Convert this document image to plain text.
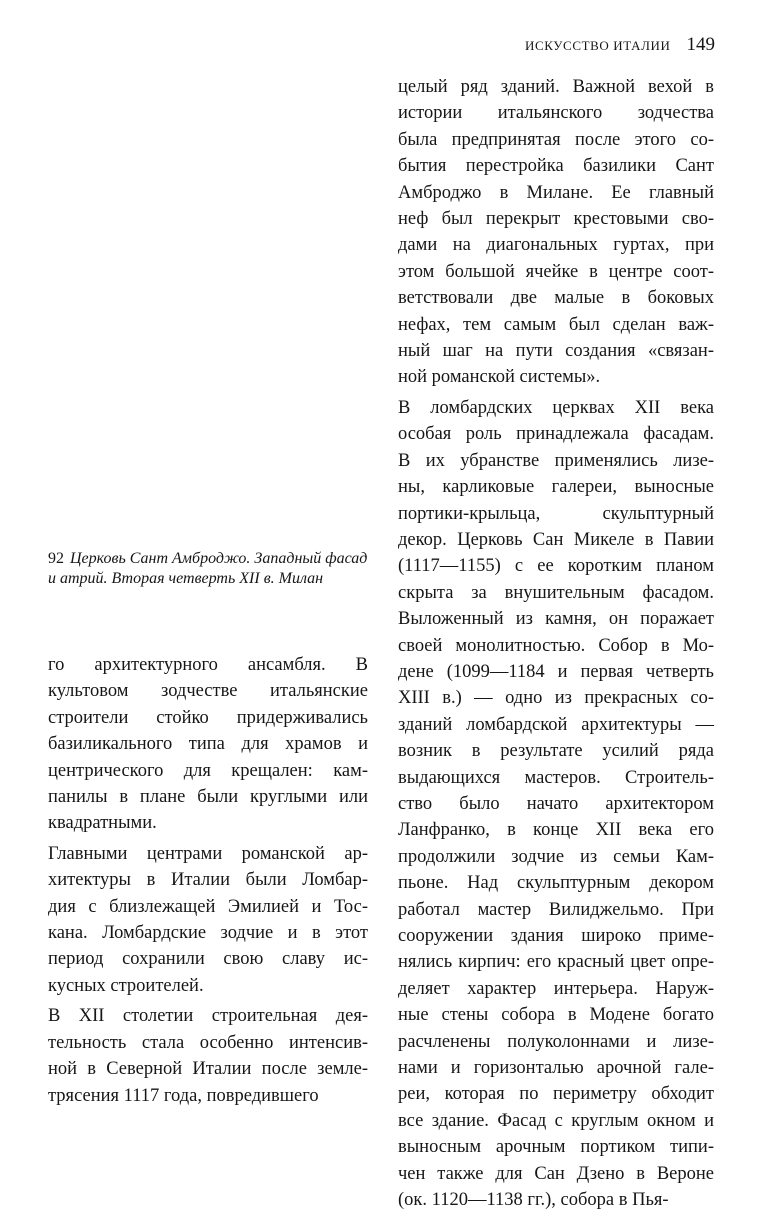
ИСКУССТВО ИТАЛИИ 149

целый ряд зданий. Важной вехой в
истории итальянского зодчества
была предпринятая после этого со-
бытия перестройка базилики Сант
Амброджо в Милане. Ее главный
неф был перекрыт крестовыми сво-
дами на диагональных гуртах, при
этом большой ячейке в центре соот-
ветствовали две малые в боковых
нефах, тем самым был сделан важ-
ный шаг на пути создания «связан-
ной романской системы».

В ломбардских церквах XII века
особая роль принадлежала фасадам.
В их убранстве применялись лизе-
ны, карликовые галереи, выносные
портики-крыльца, скульптурный
декор. Церковь Сан Микеле в Павии
(1117—1155) с ее коротким планом
скрыта за внушительным фасадом.
Выложенный из камня, он поражает
своей монолитностью. Собор в Мо-
дене (1099—1184 и первая четверть
XIII в.) — одно из прекрасных со-
зданий ломбардской архитектуры —
возник в результате усилий ряда
выдающихся мастеров. Строитель-
ство было начато архитектором
Ланфранко, в конце XII века его
продолжили зодчие из семьи Кам-
пьоне. Над скульптурным декором
работал мастер Вилиджельмо. При
сооружении здания широко приме-
нялись кирпич: его красный цвет опре-
деляет характер интерьера. Наруж-
ные стены собора в Модене богато
расчленены полуколоннами и лизе-
нами и горизонталью арочной гале-
реи, которая по периметру обходит
все здание. Фасад с круглым окном и
выносным арочным портиком типи-
чен также для Сан Дзено в Вероне
(ок. 1120—1138 гг.), собора в Пья-

92 Церковь Сант Амброджо. Западный фасад и атрий. Вторая четверть XII в. Милан

го архитектурного ансамбля. В
культовом зодчестве итальянские
строители стойко придерживались
базиликального типа для храмов и
центрического для крещален: кам-
панилы в плане были круглыми или
квадратными.

Главными центрами романской ар-
хитектуры в Италии были Ломбар-
дия с близлежащей Эмилией и Тос-
кана. Ломбардские зодчие и в этот
период сохранили свою славу ис-
кусных строителей.

В XII столетии строительная дея-
тельность стала особенно интенсив-
ной в Северной Италии после земле-
трясения 1117 года, повредившего
